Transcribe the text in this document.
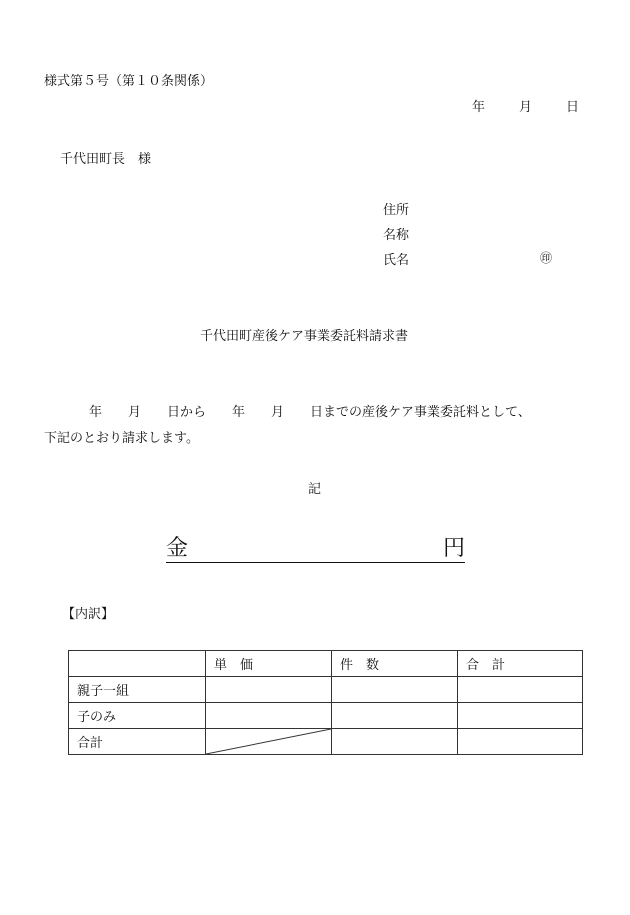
様式第５号（第１０条関係）
年	月	日
千代田町長　様
住所
名称
氏名	㊞
千代田町産後ケア事業委託料請求書
年　　月　　日から　　年　　月　　日までの産後ケア事業委託料として、
下記のとおり請求します。
記
金	円
【内訳】
	単　価	件　数	合　計
親子一組			
子のみ			
合計	
